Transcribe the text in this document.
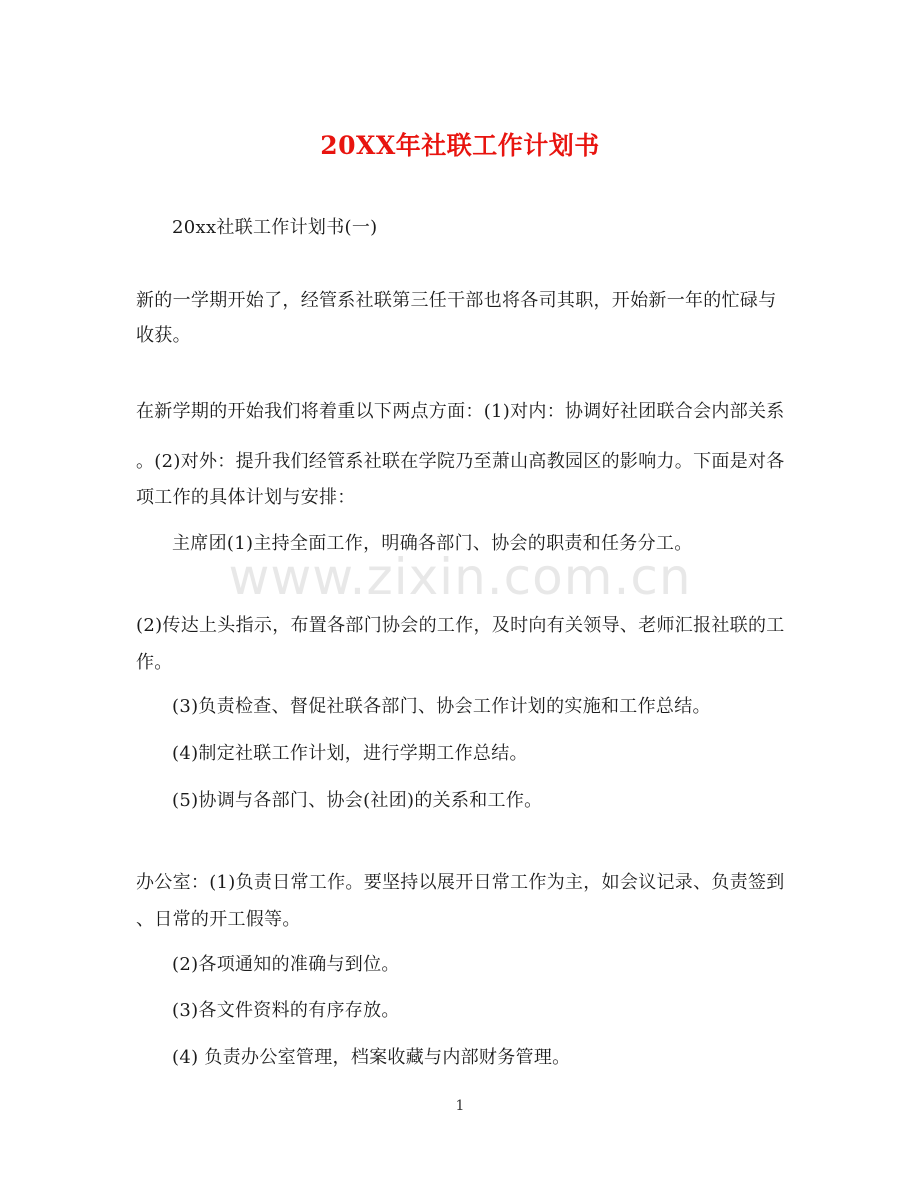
20XX年社联工作计划书
20xx社联工作计划书(一)
新的一学期开始了，经管系社联第三任干部也将各司其职，开始新一年的忙碌与
收获。
在新学期的开始我们将着重以下两点方面：(1)对内：协调好社团联合会内部关系
。(2)对外：提升我们经管系社联在学院乃至萧山高教园区的影响力。下面是对各
项工作的具体计划与安排：
主席团(1)主持全面工作，明确各部门、协会的职责和任务分工。
www.zixin.com.cn
(2)传达上头指示，布置各部门协会的工作，及时向有关领导、老师汇报社联的工
作。
(3)负责检查、督促社联各部门、协会工作计划的实施和工作总结。
(4)制定社联工作计划，进行学期工作总结。
(5)协调与各部门、协会(社团)的关系和工作。
办公室：(1)负责日常工作。要坚持以展开日常工作为主，如会议记录、负责签到
、日常的开工假等。
(2)各项通知的准确与到位。
(3)各文件资料的有序存放。
(4) 负责办公室管理，档案收藏与内部财务管理。
1
